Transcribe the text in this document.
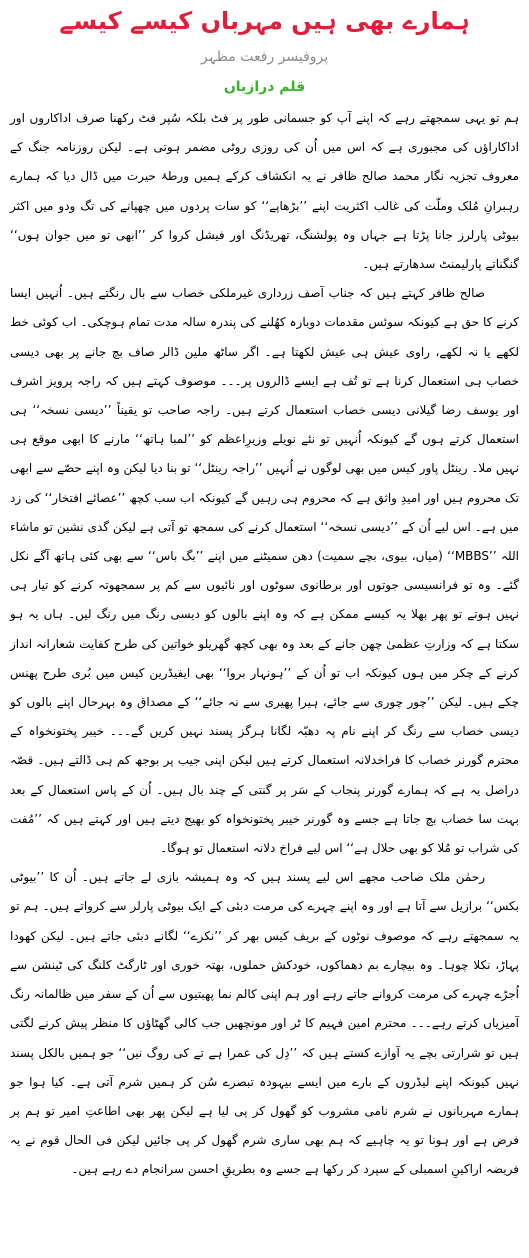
ہمارے بھی ہیں مہرباں کیسے کیسے
پروفیسر رفعت مظہر
قلم درازیاں

ہم تو یہی سمجھتے رہے کہ اپنے آپ کو جسمانی طور پر فٹ بلکہ سُپر فٹ رکھنا صرف اداکاروں اور اداکاراؤں کی مجبوری ہے کہ اس میں اُن کی روزی روٹی مضمر ہوتی ہے۔ لیکن روزنامہ جنگ کے معروف تجزیہ نگار محمد صالح ظافر نے یہ انکشاف کرکے ہمیں ورطۂ حیرت میں ڈال دیا کہ ہمارے رہبرانِ مُلک وملّت کی غالب اکثریت اپنے ’’بڑھاپے‘‘ کو سات پردوں میں چھپانے کی تگ ودو میں اکثر بیوٹی پارلرز جانا پڑتا ہے جہاں وہ پولشنگ، تھریڈنگ اور فیشل کروا کر ’’ابھی تو میں جوان ہوں‘‘ گنگناتے پارلیمنٹ سدھارتے ہیں۔

صالح ظافر کہتے ہیں کہ جناب آصف زرداری غیرملکی خصاب سے بال رنگتے ہیں۔ اُنہیں ایسا کرنے کا حق ہے کیونکہ سوئس مقدمات دوبارہ کھُلنے کی پندرہ سالہ مدت تمام ہوچکی۔ اب کوئی خط لکھے یا نہ لکھے، راوی عیش ہی عیش لکھتا ہے۔ اگر ساٹھ ملین ڈالر صاف بچ جانے پر بھی دیسی خصاب ہی استعمال کرنا ہے تو تُف ہے ایسے ڈالروں پر۔۔۔ موصوف کہتے ہیں کہ راجہ پرویز اشرف اور یوسف رضا گیلانی دیسی خصاب استعمال کرتے ہیں۔ راجہ صاحب تو یقیناً ’’دیسی نسخہ‘‘ ہی استعمال کرتے ہوں گے کیونکہ اُنہیں تو نئے نویلے وزیرِاعظم کو ’’لمبا ہاتھ‘‘ مارنے کا ابھی موقع ہی نہیں ملا۔ رینٹل پاور کیس میں بھی لوگوں نے اُنہیں ’’راجہ رینٹل‘‘ تو بنا دیا لیکن وہ اپنے حصّے سے ابھی تک محروم ہیں اور امیدِ واثق ہے کہ محروم ہی رہیں گے کیونکہ اب سب کچھ ’’عصائے افتخار‘‘ کی زد میں ہے۔ اس لیے اُن کے ’’دیسی نسخہ‘‘ استعمال کرنے کی سمجھ تو آتی ہے لیکن گدی نشین تو ماشاء اللہ ’’MBBS‘‘ (میاں، بیوی، بچے سمیت) دھن سمیٹنے میں اپنے ’’بگ باس‘‘ سے بھی کئی ہاتھ آگے نکل گئے۔ وہ تو فرانسیسی جوتوں اور برطانوی سوٹوں اور نائیوں سے کم پر سمجھوتہ کرنے کو تیار ہی نہیں ہوتے تو پھر بھلا یہ کیسے ممکن ہے کہ وہ اپنے بالوں کو دیسی رنگ میں رنگ لیں۔ ہاں یہ ہو سکتا ہے کہ وزارتِ عظمیٰ چھن جانے کے بعد وہ بھی کچھ گھریلو خواتین کی طرح کفایت شعارانہ انداز کرنے کے چکر میں ہوں کیونکہ اب تو اُن کے ’’ہونہار بروا‘‘ بھی ایفیڈرین کیس میں بُری طرح پھنس چکے ہیں۔ لیکن ’’چور چوری سے جائے، ہیرا پھیری سے نہ جائے‘‘ کے مصداق وہ بہرحال اپنے بالوں کو دیسی خصاب سے رنگ کر اپنے نام پہ دھبّہ لگانا ہرگز پسند نہیں کریں گے۔۔۔ خیبر پختونخواہ کے محترم گورنر خصاب کا فراخدلانہ استعمال کرتے ہیں لیکن اپنی جیب پر بوجھ کم ہی ڈالتے ہیں۔ قصّہ دراصل یہ ہے کہ ہمارے گورنر پنجاب کے سَر پر گنتی کے چند بال ہیں۔ اُن کے پاس استعمال کے بعد بہت سا خصاب بچ جاتا ہے جسے وہ گورنر خیبر پختونخواہ کو بھیج دیتے ہیں اور کہتے ہیں کہ ’’مُفت کی شراب تو مُلا کو بھی حلال ہے‘‘ اس لیے فراخ دلانہ استعمال تو ہوگا۔

رحمٰن ملک صاحب مجھے اس لیے پسند ہیں کہ وہ ہمیشہ بازی لے جاتے ہیں۔ اُن کا ’’بیوٹی بکس‘‘ برازیل سے آتا ہے اور وہ اپنے چہرے کی مرمت دبئی کے ایک بیوٹی پارلر سے کرواتے ہیں۔ ہم تو یہ سمجھتے رہے کہ موصوف نوٹوں کے بریف کیس بھر کر ’’نکرے‘‘ لگانے دبئی جاتے ہیں۔ لیکن کھودا پہاڑ، نکلا چوہا۔ وہ بیچارے بم دھماکوں، خودکش حملوں، بھتہ خوری اور ٹارگٹ کلنگ کی ٹینشن سے اُجڑے چہرے کی مرمت کروانے جاتے رہے اور ہم اپنی کالم نما پھبتیوں سے اُن کے سفر میں ظالمانہ رنگ آمیزیاں کرتے رہے۔۔۔ محترم امین فہیم کا ٹر اور مونچھیں جب کالی گھٹاؤں کا منظر پیش کرنے لگتی ہیں تو شرارتی بچے یہ آوازے کستے ہیں کہ ’’دِل کی عمرا ہے تے کی روگ نیں‘‘ جو ہمیں بالکل پسند نہیں کیونکہ اپنے لیڈروں کے بارے میں ایسے بیہودہ تبصرے سُن کر ہمیں شرم آتی ہے۔ کیا ہوا جو ہمارے مہربانوں نے شرم نامی مشروب کو گھول کر پی لیا ہے لیکن پھر بھی اطاعتِ امیر تو ہم پر فرض ہے اور ہونا تو یہ چاہیے کہ ہم بھی ساری شرم گھول کر پی جائیں لیکن فی الحال قوم نے یہ فریضہ اراکینِ اسمبلی کے سپرد کر رکھا ہے جسے وہ بطریقِ احسن سرانجام دے رہے ہیں۔
